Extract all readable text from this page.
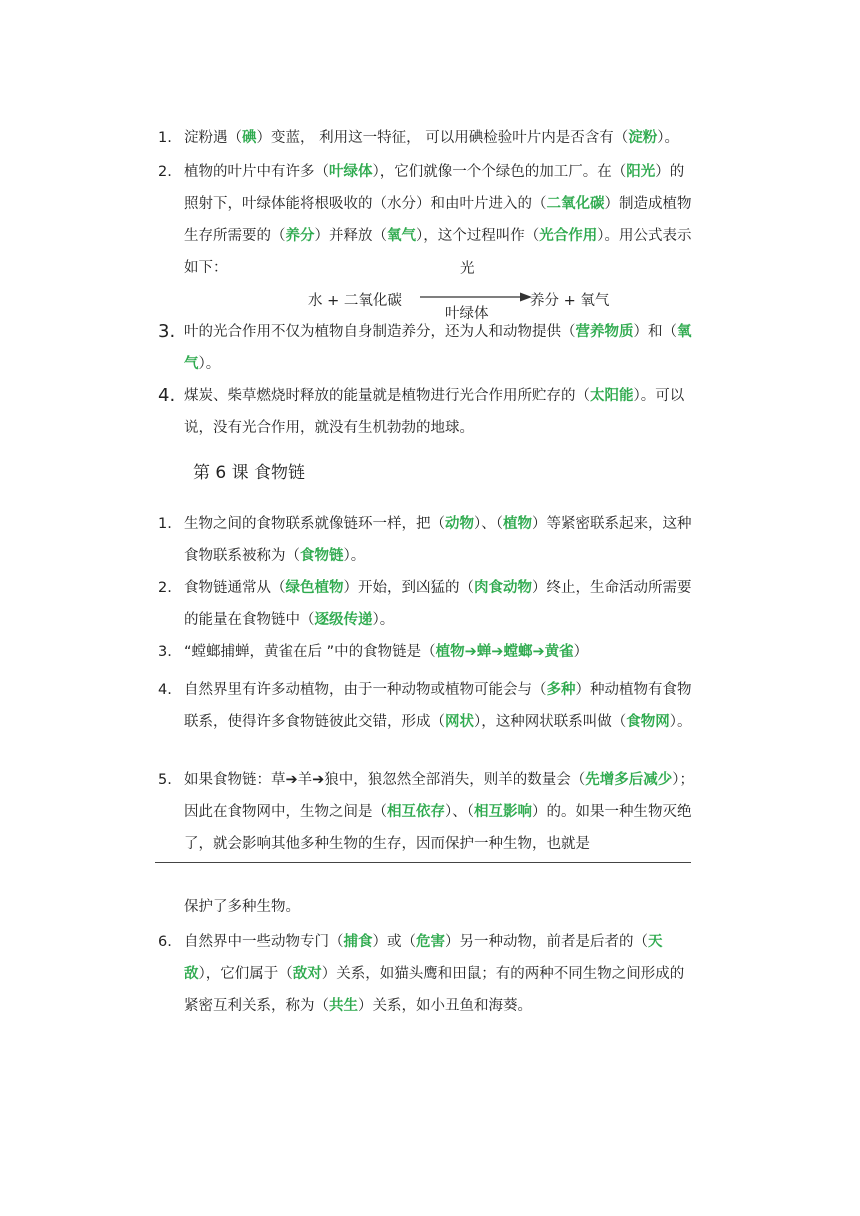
1. 淀粉遇（碘）变蓝， 利用这一特征， 可以用碘检验叶片内是否含有（淀粉）。
2. 植物的叶片中有许多（叶绿体），它们就像一个个绿色的加工厂。在（阳光）的照射下，叶绿体能将根吸收的（水分）和由叶片进入的（二氧化碳）制造成植物生存所需要的（养分）并释放（氧气），这个过程叫作（光合作用）。用公式表示如下：
水 + 二氧化碳
光
叶绿体
养分 + 氧气
3. 叶的光合作用不仅为植物自身制造养分，还为人和动物提供（营养物质）和（氧气）。
4. 煤炭、柴草燃烧时释放的能量就是植物进行光合作用所贮存的（太阳能）。可以说，没有光合作用，就没有生机勃勃的地球。
第 6 课 食物链
1. 生物之间的食物联系就像链环一样，把（动物）、（植物）等紧密联系起来，这种食物联系被称为（食物链）。
2. 食物链通常从（绿色植物）开始，到凶猛的（肉食动物）终止，生命活动所需要的能量在食物链中（逐级传递）。
3. “螳螂捕蝉，黄雀在后 ”中的食物链是（植物➔蝉➔螳螂➔黄雀）
4. 自然界里有许多动植物，由于一种动物或植物可能会与（多种）种动植物有食物联系，使得许多食物链彼此交错，形成（网状），这种网状联系叫做（食物网）。
5. 如果食物链：草➔羊➔狼中，狼忽然全部消失，则羊的数量会（先增多后减少）；因此在食物网中，生物之间是（相互依存）、（相互影响）的。如果一种生物灭绝了，就会影响其他多种生物的生存，因而保护一种生物，也就是
保护了多种生物。
6. 自然界中一些动物专门（捕食）或（危害）另一种动物，前者是后者的（天敌），它们属于（敌对）关系，如猫头鹰和田鼠；有的两种不同生物之间形成的紧密互利关系，称为（共生）关系，如小丑鱼和海葵。
